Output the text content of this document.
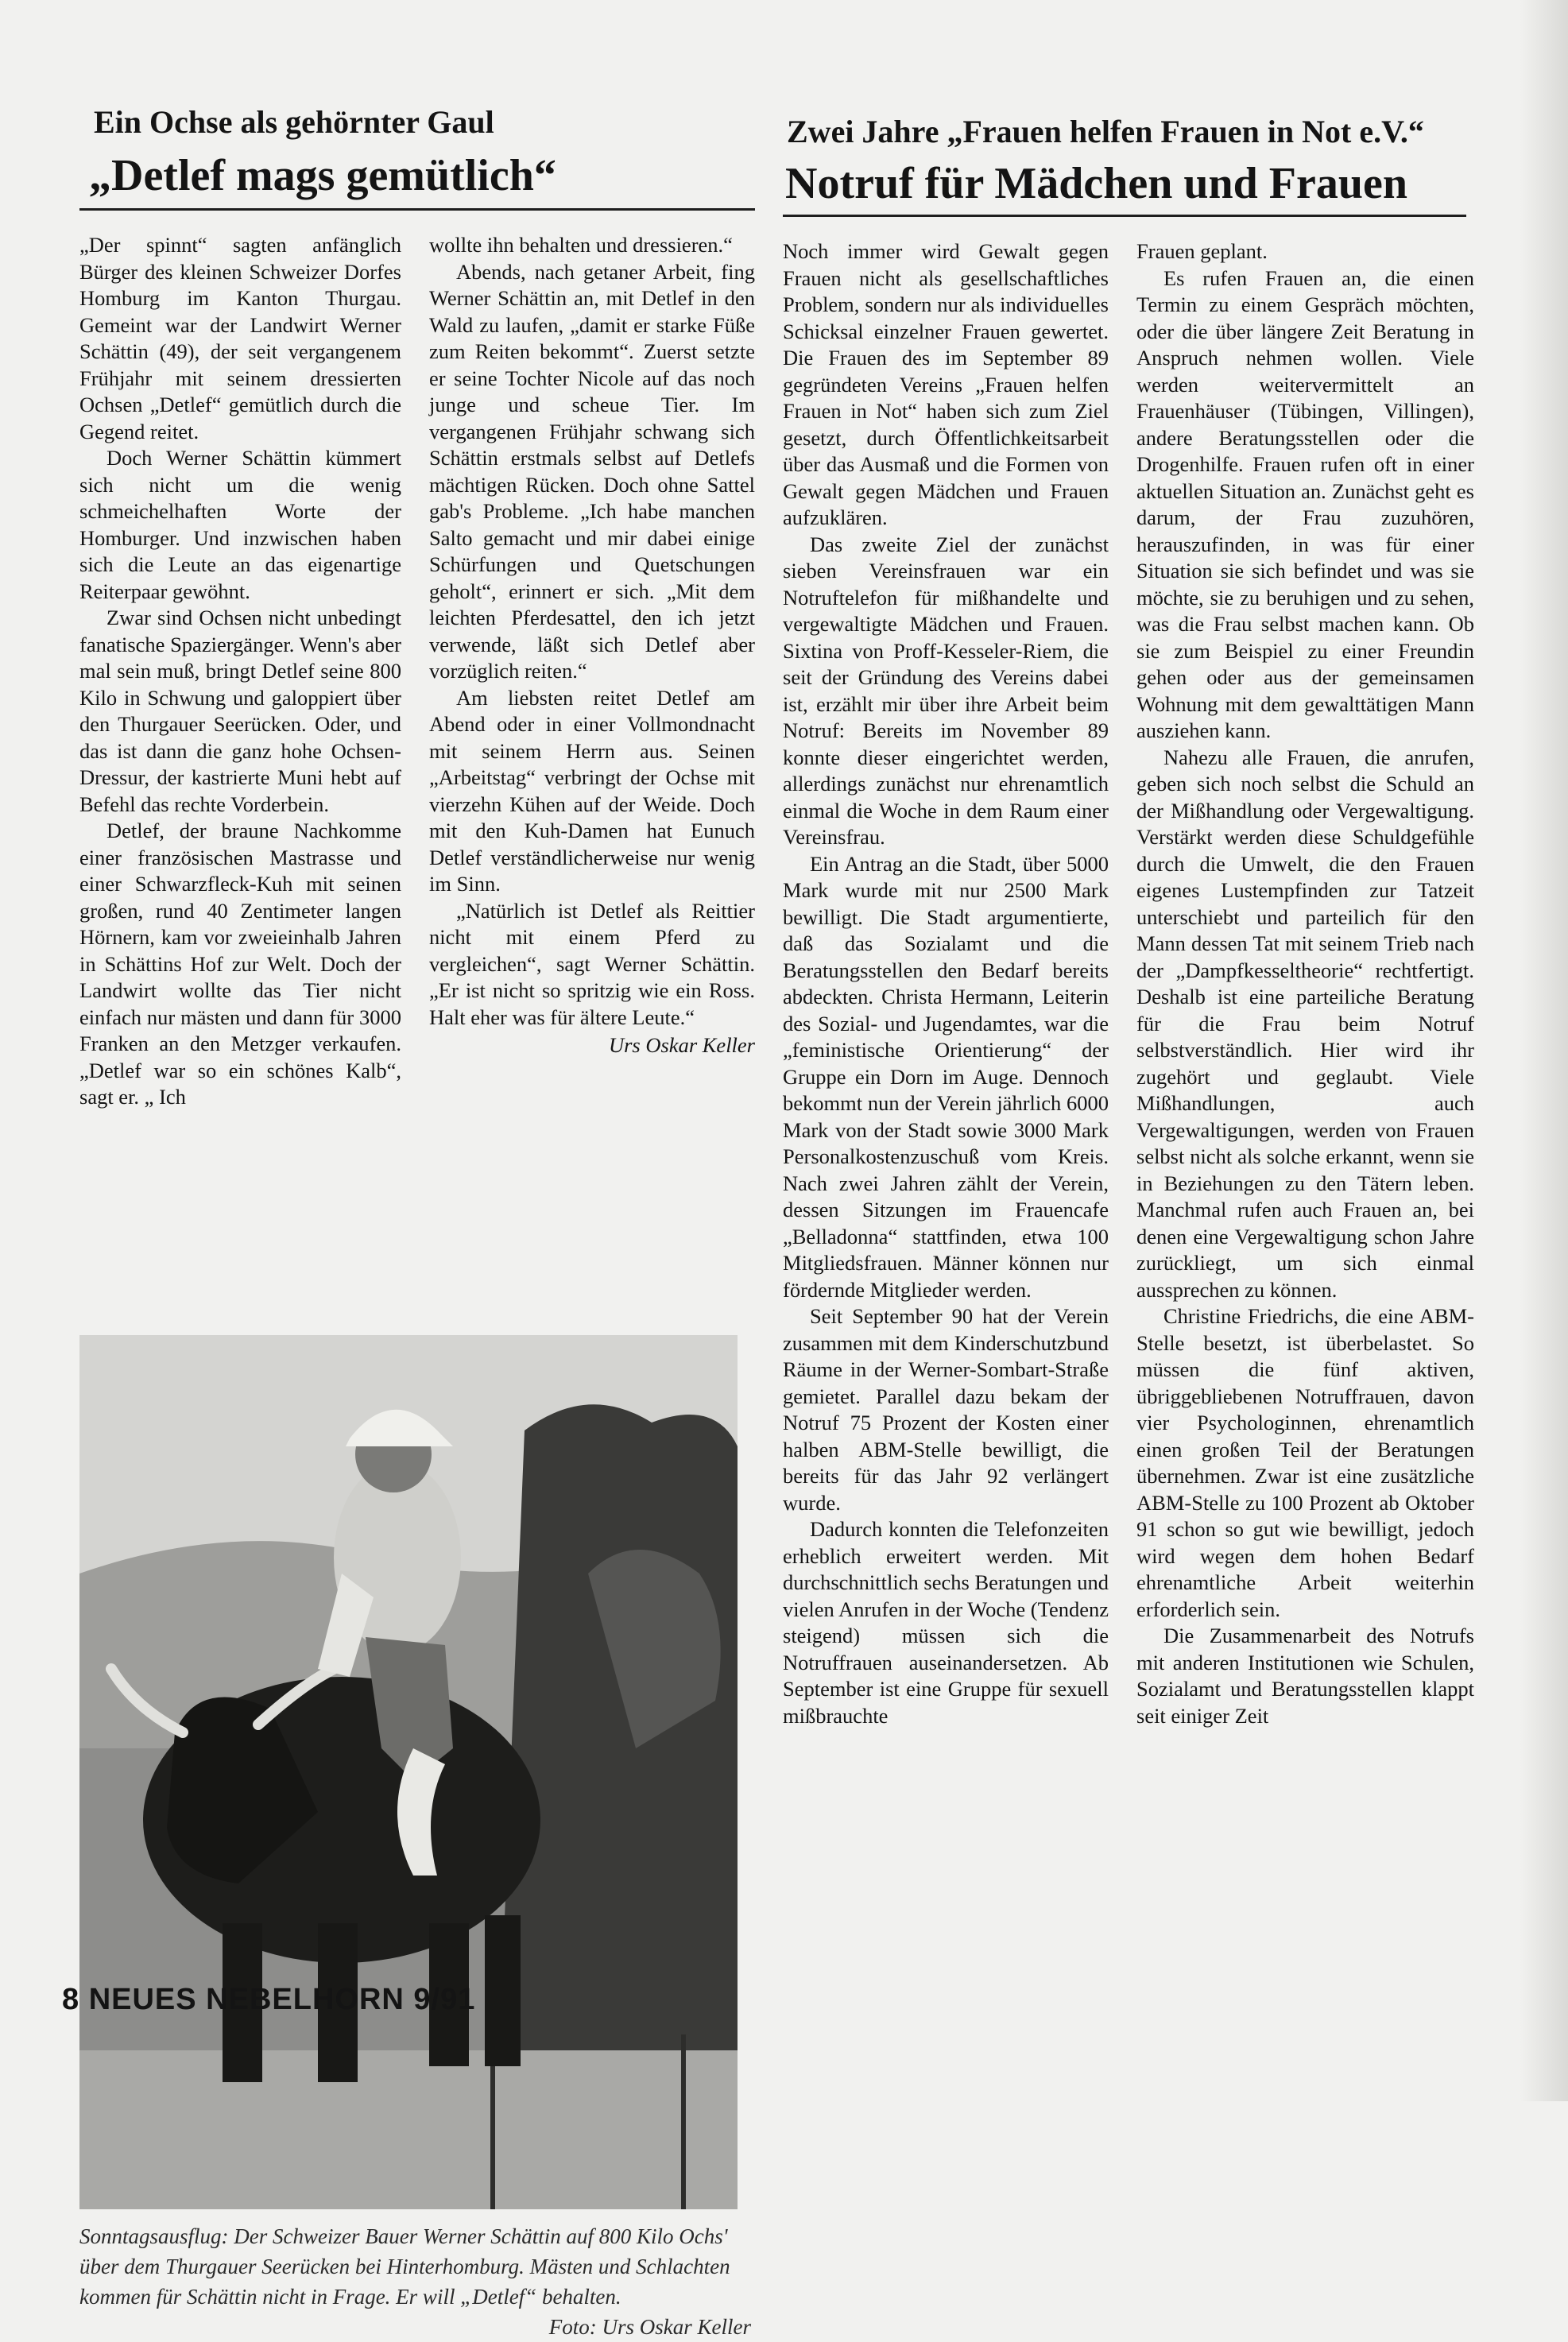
Ein Ochse als gehörnter Gaul
„Detlef mags gemütlich“

„Der spinnt“ sagten anfänglich Bürger des kleinen Schweizer Dorfes Homburg im Kanton Thurgau. Gemeint war der Landwirt Werner Schättin (49), der seit vergangenem Frühjahr mit seinem dressierten Ochsen „Detlef“ gemütlich durch die Gegend reitet.

Doch Werner Schättin kümmert sich nicht um die wenig schmeichelhaften Worte der Homburger. Und inzwischen haben sich die Leute an das eigenartige Reiterpaar gewöhnt.

Zwar sind Ochsen nicht unbedingt fanatische Spaziergänger. Wenn's aber mal sein muß, bringt Detlef seine 800 Kilo in Schwung und galoppiert über den Thurgauer Seerücken. Oder, und das ist dann die ganz hohe Ochsen-Dressur, der kastrierte Muni hebt auf Befehl das rechte Vorderbein.

Detlef, der braune Nachkomme einer französischen Mastrasse und einer Schwarzfleck-Kuh mit seinen großen, rund 40 Zentimeter langen Hörnern, kam vor zweieinhalb Jahren in Schättins Hof zur Welt. Doch der Landwirt wollte das Tier nicht einfach nur mästen und dann für 3000 Franken an den Metzger verkaufen. „Detlef war so ein schönes Kalb“, sagt er. „ Ich

wollte ihn behalten und dressieren.“

Abends, nach getaner Arbeit, fing Werner Schättin an, mit Detlef in den Wald zu laufen, „damit er starke Füße zum Reiten bekommt“. Zuerst setzte er seine Tochter Nicole auf das noch junge und scheue Tier. Im vergangenen Frühjahr schwang sich Schättin erstmals selbst auf Detlefs mächtigen Rücken. Doch ohne Sattel gab's Probleme. „Ich habe manchen Salto gemacht und mir dabei einige Schürfungen und Quetschungen geholt“, erinnert er sich. „Mit dem leichten Pferdesattel, den ich jetzt verwende, läßt sich Detlef aber vorzüglich reiten.“

Am liebsten reitet Detlef am Abend oder in einer Vollmondnacht mit seinem Herrn aus. Seinen „Arbeitstag“ verbringt der Ochse mit vierzehn Kühen auf der Weide. Doch mit den Kuh-Damen hat Eunuch Detlef verständlicherweise nur wenig im Sinn.

„Natürlich ist Detlef als Reittier nicht mit einem Pferd zu vergleichen“, sagt Werner Schättin. „Er ist nicht so spritzig wie ein Ross. Halt eher was für ältere Leute.“

Urs Oskar Keller

Sonntagsausflug: Der Schweizer Bauer Werner Schättin auf 800 Kilo Ochs' über dem Thurgauer Seerücken bei Hinterhomburg. Mästen und Schlachten kommen für Schättin nicht in Frage. Er will „Detlef“ behalten.
Foto: Urs Oskar Keller
Zwei Jahre „Frauen helfen Frauen in Not e.V.“
Notruf für Mädchen und Frauen

Noch immer wird Gewalt gegen Frauen nicht als gesellschaftliches Problem, sondern nur als individuelles Schicksal einzelner Frauen gewertet. Die Frauen des im September 89 gegründeten Vereins „Frauen helfen Frauen in Not“ haben sich zum Ziel gesetzt, durch Öffentlichkeitsarbeit über das Ausmaß und die Formen von Gewalt gegen Mädchen und Frauen aufzuklären.

Das zweite Ziel der zunächst sieben Vereinsfrauen war ein Notruftelefon für mißhandelte und vergewaltigte Mädchen und Frauen. Sixtina von Proff-Kesseler-Riem, die seit der Gründung des Vereins dabei ist, erzählt mir über ihre Arbeit beim Notruf: Bereits im November 89 konnte dieser eingerichtet werden, allerdings zunächst nur ehrenamtlich einmal die Woche in dem Raum einer Vereinsfrau.

Ein Antrag an die Stadt, über 5000 Mark wurde mit nur 2500 Mark bewilligt. Die Stadt argumentierte, daß das Sozialamt und die Beratungsstellen den Bedarf bereits abdeckten. Christa Hermann, Leiterin des Sozial- und Jugendamtes, war die „feministische Orientierung“ der Gruppe ein Dorn im Auge. Dennoch bekommt nun der Verein jährlich 6000 Mark von der Stadt sowie 3000 Mark Personalkostenzuschuß vom Kreis. Nach zwei Jahren zählt der Verein, dessen Sitzungen im Frauencafe „Belladonna“ stattfinden, etwa 100 Mitgliedsfrauen. Männer können nur fördernde Mitglieder werden.

Seit September 90 hat der Verein zusammen mit dem Kinderschutzbund Räume in der Werner-Sombart-Straße gemietet. Parallel dazu bekam der Notruf 75 Prozent der Kosten einer halben ABM-Stelle bewilligt, die bereits für das Jahr 92 verlängert wurde.

Dadurch konnten die Telefonzeiten erheblich erweitert werden. Mit durchschnittlich sechs Beratungen und vielen Anrufen in der Woche (Tendenz steigend) müssen sich die Notruffrauen auseinandersetzen. Ab September ist eine Gruppe für sexuell mißbrauchte

Frauen geplant.

Es rufen Frauen an, die einen Termin zu einem Gespräch möchten, oder die über längere Zeit Beratung in Anspruch nehmen wollen. Viele werden weitervermittelt an Frauenhäuser (Tübingen, Villingen), andere Beratungsstellen oder die Drogenhilfe. Frauen rufen oft in einer aktuellen Situation an. Zunächst geht es darum, der Frau zuzuhören, herauszufinden, in was für einer Situation sie sich befindet und was sie möchte, sie zu beruhigen und zu sehen, was die Frau selbst machen kann. Ob sie zum Beispiel zu einer Freundin gehen oder aus der gemeinsamen Wohnung mit dem gewalttätigen Mann ausziehen kann.

Nahezu alle Frauen, die anrufen, geben sich noch selbst die Schuld an der Mißhandlung oder Vergewaltigung. Verstärkt werden diese Schuldgefühle durch die Umwelt, die den Frauen eigenes Lustempfinden zur Tatzeit unterschiebt und parteilich für den Mann dessen Tat mit seinem Trieb nach der „Dampfkesseltheorie“ rechtfertigt. Deshalb ist eine parteiliche Beratung für die Frau beim Notruf selbstverständlich. Hier wird ihr zugehört und geglaubt. Viele Mißhandlungen, auch Vergewaltigungen, werden von Frauen selbst nicht als solche erkannt, wenn sie in Beziehungen zu den Tätern leben. Manchmal rufen auch Frauen an, bei denen eine Vergewaltigung schon Jahre zurückliegt, um sich einmal aussprechen zu können.

Christine Friedrichs, die eine ABM-Stelle besetzt, ist überbelastet. So müssen die fünf aktiven, übriggebliebenen Notruffrauen, davon vier Psychologinnen, ehrenamtlich einen großen Teil der Beratungen übernehmen. Zwar ist eine zusätzliche ABM-Stelle zu 100 Prozent ab Oktober 91 schon so gut wie bewilligt, jedoch wird wegen dem hohen Bedarf ehrenamtliche Arbeit weiterhin erforderlich sein.

Die Zusammenarbeit des Notrufs mit anderen Institutionen wie Schulen, Sozialamt und Beratungsstellen klappt seit einiger Zeit

8 NEUES NEBELHORN 9/91
